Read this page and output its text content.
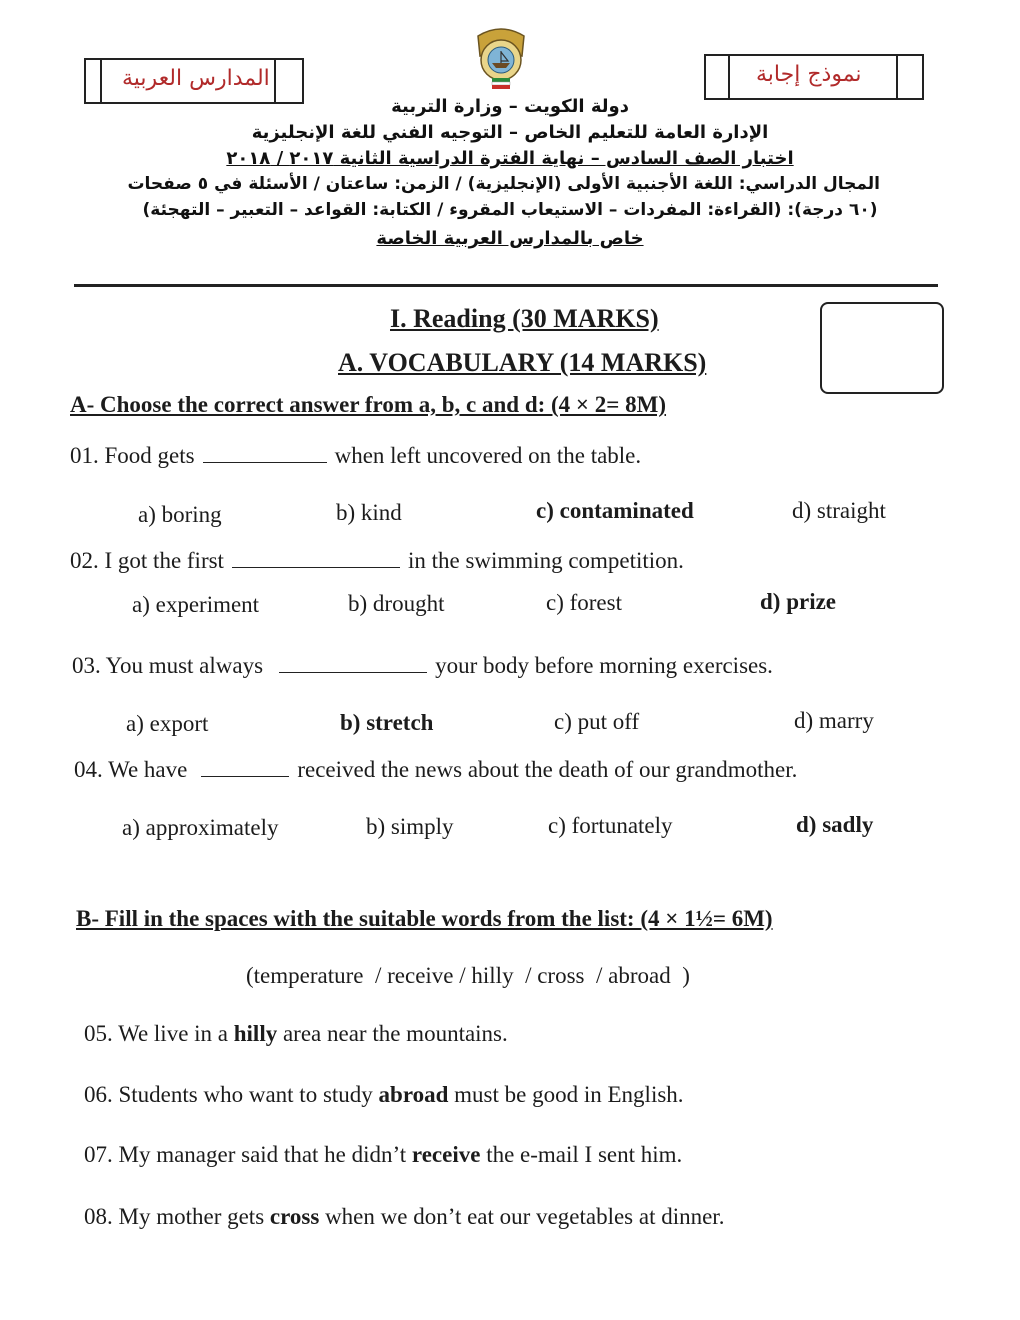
المدارس العربية	نموذج إجابة
دولة الكويت – وزارة التربية
الإدارة العامة للتعليم الخاص – التوجيه الفني للغة الإنجليزية
اختبار الصف السادس – نهاية الفترة الدراسية الثانية ٢٠١٧ / ٢٠١٨
المجال الدراسي: اللغة الأجنبية الأولى (الإنجليزية) / الزمن: ساعتان / الأسئلة في ٥ صفحات
(٦٠ درجة): (القراءة: المفردات – الاستيعاب المقروء / الكتابة: القواعد – التعبير – التهجئة)
خاص بالمدارس العربية الخاصة
I. Reading (30 MARKS)
A. VOCABULARY (14 MARKS)
A- Choose the correct answer from a, b, c and d: (4 × 2= 8M)
01. Food gets	when left uncovered on the table.
a) boring	b) kind	c) contaminated	d) straight
02. I got the first	in the swimming competition.
a) experiment	b) drought	c) forest	d) prize
03. You must always	your body before morning exercises.
a) export	b) stretch	c) put off	d) marry
04. We have	received the news about the death of our grandmother.
a) approximately	b) simply	c) fortunately	d) sadly
B- Fill in the spaces with the suitable words from the list: (4 × 1½= 6M)
(temperature  / receive / hilly  / cross  / abroad  )
05. We live in a hilly area near the mountains.
06. Students who want to study abroad must be good in English.
07. My manager said that he didn’t receive the e-mail I sent him.
08. My mother gets cross when we don’t eat our vegetables at dinner.
